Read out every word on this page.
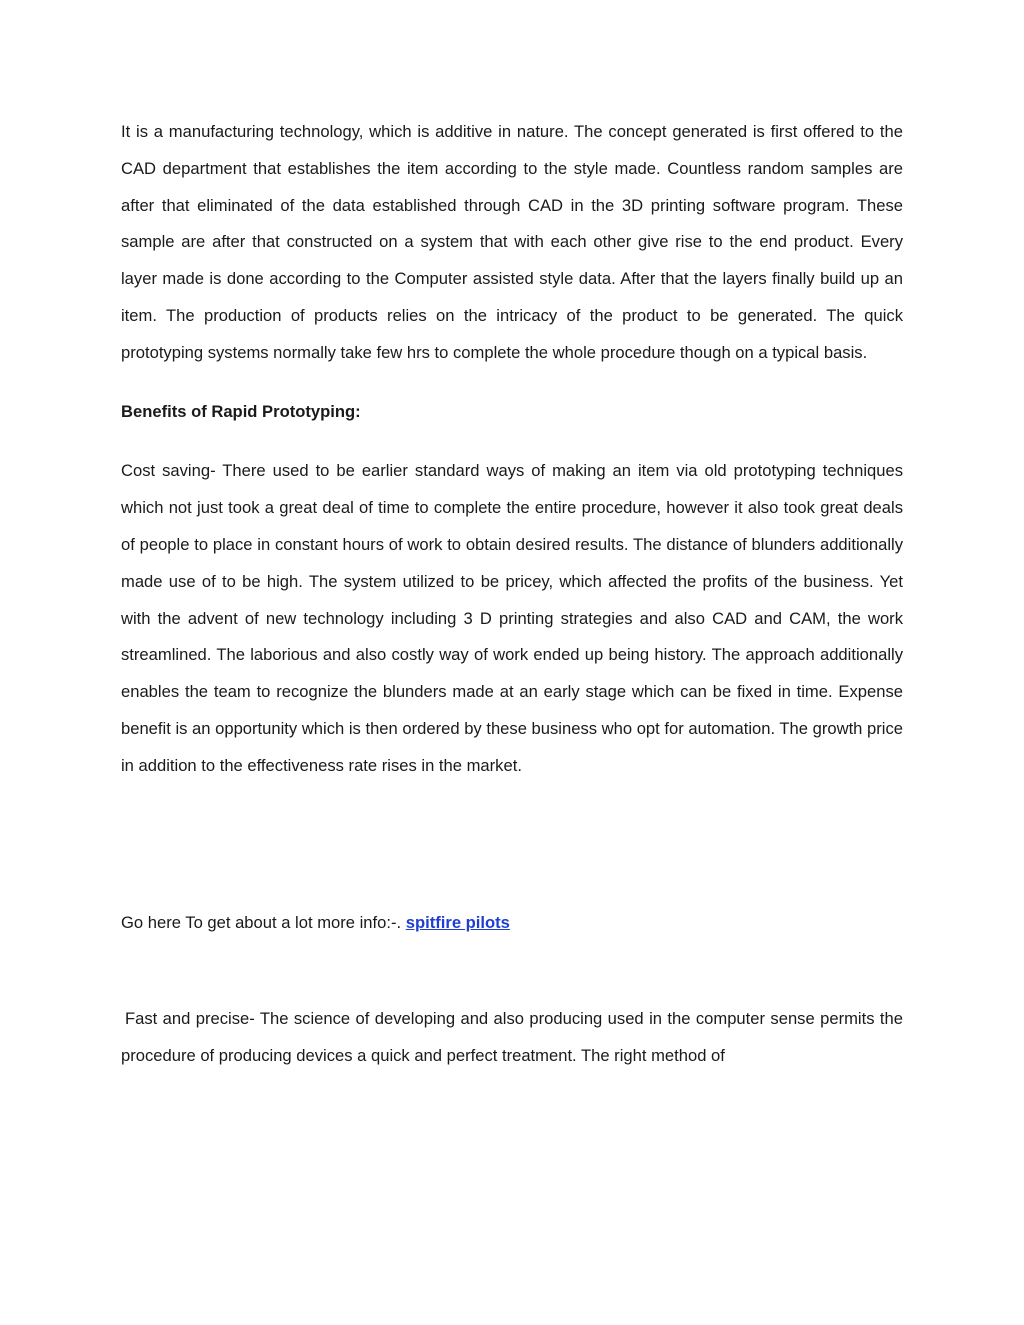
It is a manufacturing technology, which is additive in nature. The concept generated is first offered to the CAD department that establishes the item according to the style made. Countless random samples are after that eliminated of the data established through CAD in the 3D printing software program. These sample are after that constructed on a system that with each other give rise to the end product. Every layer made is done according to the Computer assisted style data. After that the layers finally build up an item. The production of products relies on the intricacy of the product to be generated. The quick prototyping systems normally take few hrs to complete the whole procedure though on a typical basis.

Benefits of Rapid Prototyping:

Cost saving- There used to be earlier standard ways of making an item via old prototyping techniques which not just took a great deal of time to complete the entire procedure, however it also took great deals of people to place in constant hours of work to obtain desired results. The distance of blunders additionally made use of to be high. The system utilized to be pricey, which affected the profits of the business. Yet with the advent of new technology including 3 D printing strategies and also CAD and CAM, the work streamlined. The laborious and also costly way of work ended up being history. The approach additionally enables the team to recognize the blunders made at an early stage which can be fixed in time. Expense benefit is an opportunity which is then ordered by these business who opt for automation. The growth price in addition to the effectiveness rate rises in the market.

Go here To get about a lot more info:-. spitfire pilots

Fast and precise- The science of developing and also producing used in the computer sense permits the procedure of producing devices a quick and perfect treatment. The right method of
